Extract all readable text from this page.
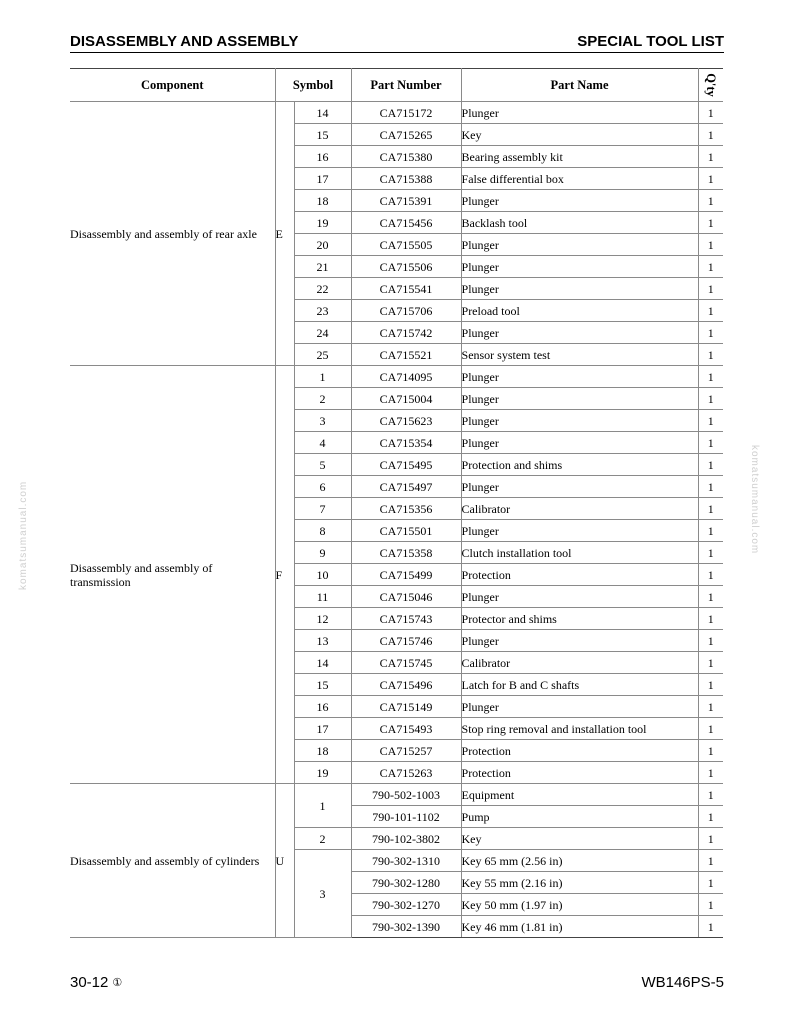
DISASSEMBLY AND ASSEMBLY	SPECIAL TOOL LIST
Component	Symbol		Part Number	Part Name	Q'ty
Disassembly and assembly of rear axle	E	14	CA715172	Plunger	1
		15	CA715265	Key	1
		16	CA715380	Bearing assembly kit	1
		17	CA715388	False differential box	1
		18	CA715391	Plunger	1
		19	CA715456	Backlash tool	1
		20	CA715505	Plunger	1
		21	CA715506	Plunger	1
		22	CA715541	Plunger	1
		23	CA715706	Preload tool	1
		24	CA715742	Plunger	1
		25	CA715521	Sensor system test	1
Disassembly and assembly of transmission	F	1	CA714095	Plunger	1
		2	CA715004	Plunger	1
		3	CA715623	Plunger	1
		4	CA715354	Plunger	1
		5	CA715495	Protection and shims	1
		6	CA715497	Plunger	1
		7	CA715356	Calibrator	1
		8	CA715501	Plunger	1
		9	CA715358	Clutch installation tool	1
		10	CA715499	Protection	1
		11	CA715046	Plunger	1
		12	CA715743	Protector and shims	1
		13	CA715746	Plunger	1
		14	CA715745	Calibrator	1
		15	CA715496	Latch for B and C shafts	1
		16	CA715149	Plunger	1
		17	CA715493	Stop ring removal and installation tool	1
		18	CA715257	Protection	1
		19	CA715263	Protection	1
Disassembly and assembly of cylinders	U	1	790-502-1003	Equipment	1
			790-101-1102	Pump	1
		2	790-102-3802	Key	1
		3	790-302-1310	Key 65 mm (2.56 in)	1
			790-302-1280	Key 55 mm (2.16 in)	1
			790-302-1270	Key 50 mm (1.97 in)	1
			790-302-1390	Key 46 mm (1.81 in)	1
komatsumanual.com	komatsumanual.com
30-12 ①	WB146PS-5
